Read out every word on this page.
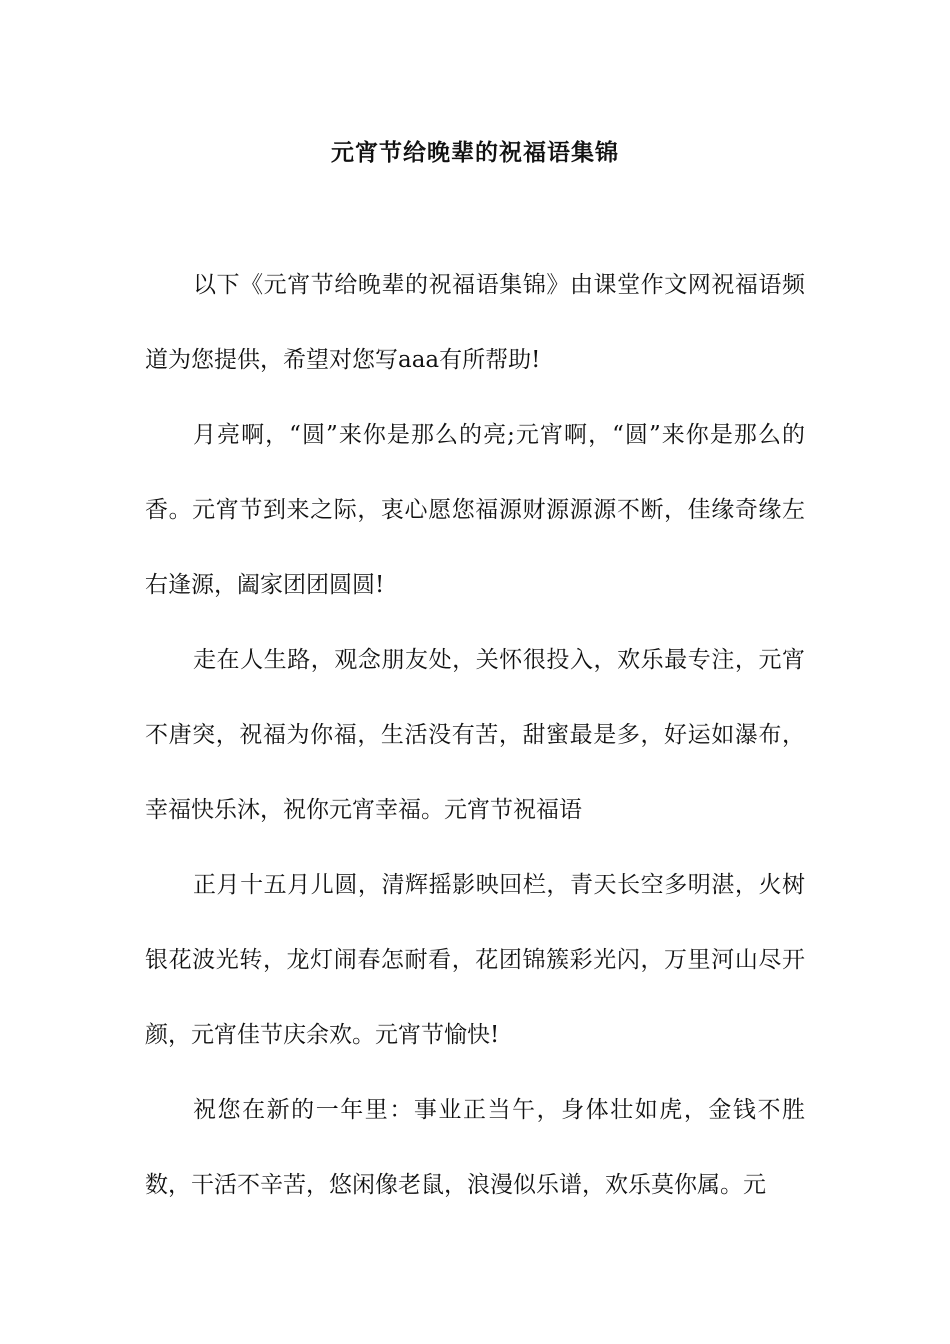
元宵节给晚辈的祝福语集锦

以下《元宵节给晚辈的祝福语集锦》由课堂作文网祝福语频道为您提供，希望对您写aaa有所帮助!

月亮啊，“圆”来你是那么的亮;元宵啊，“圆”来你是那么的香。元宵节到来之际，衷心愿您福源财源源源不断，佳缘奇缘左右逢源，阖家团团圆圆!

走在人生路，观念朋友处，关怀很投入，欢乐最专注，元宵不唐突，祝福为你福，生活没有苦，甜蜜最是多，好运如瀑布，幸福快乐沐，祝你元宵幸福。元宵节祝福语

正月十五月儿圆，清辉摇影映回栏，青天长空多明湛，火树银花波光转，龙灯闹春怎耐看，花团锦簇彩光闪，万里河山尽开颜，元宵佳节庆余欢。元宵节愉快!

祝您在新的一年里：事业正当午，身体壮如虎，金钱不胜数，干活不辛苦，悠闲像老鼠，浪漫似乐谱，欢乐莫你属。元
